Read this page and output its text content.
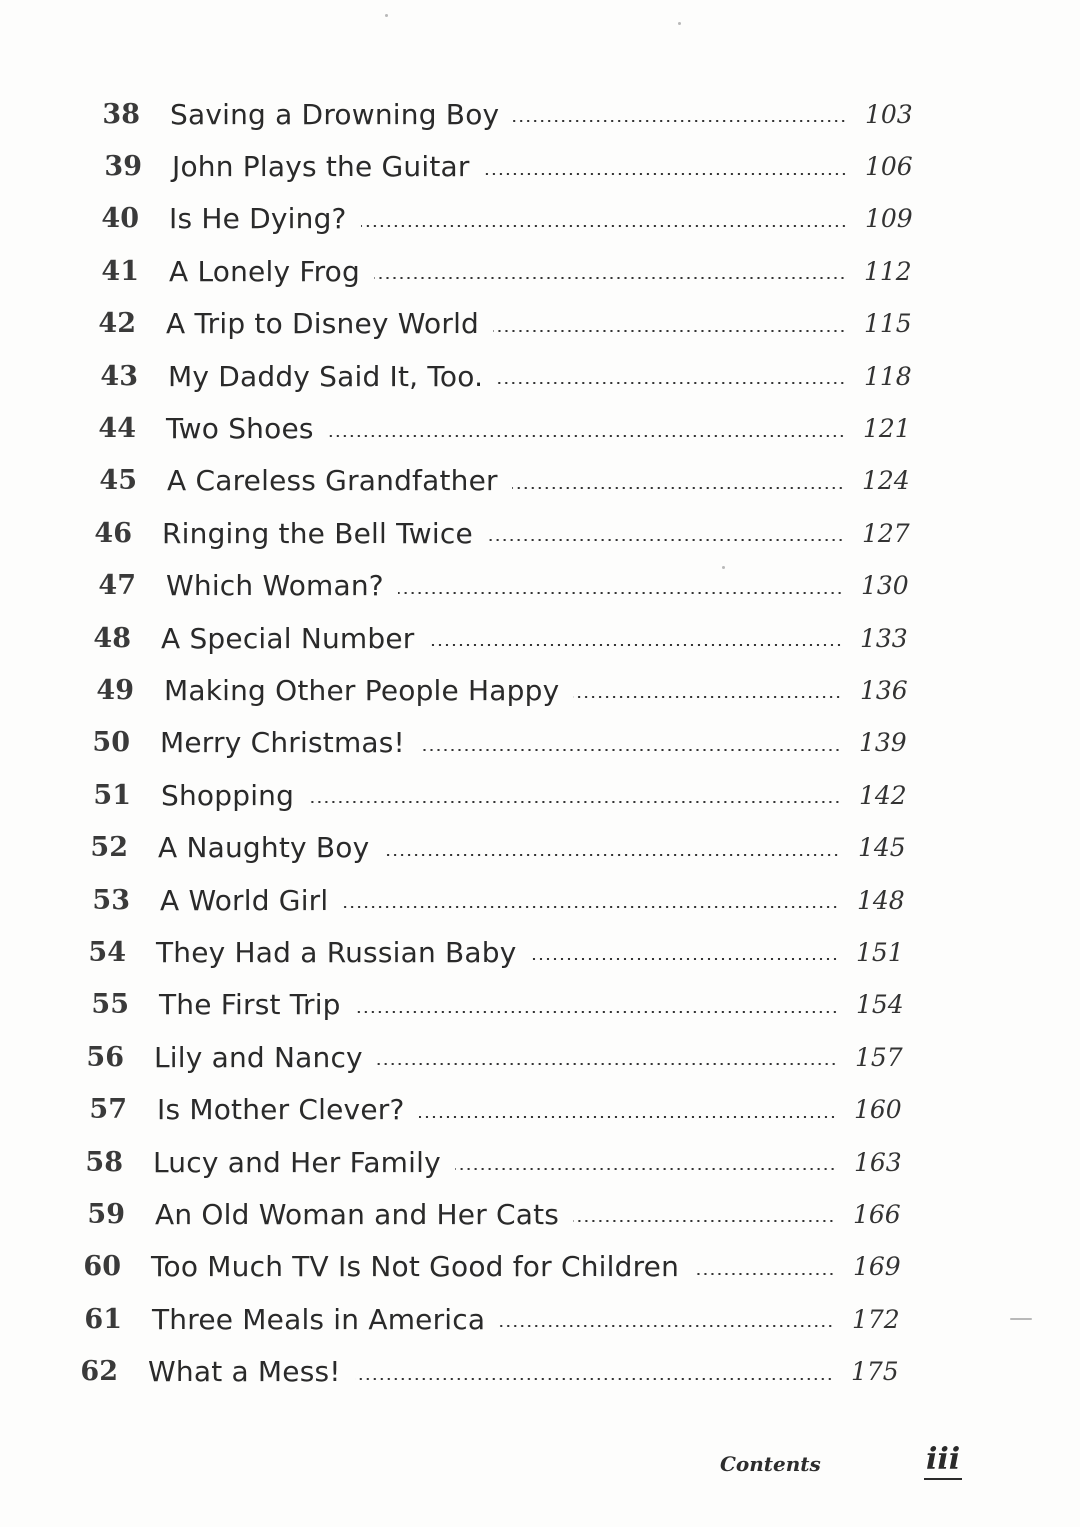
38 Saving a Drowning Boy	103
39 John Plays the Guitar	106
40 Is He Dying?	109
41 A Lonely Frog	112
42 A Trip to Disney World	115
43 My Daddy Said It, Too.	118
44 Two Shoes	121
45 A Careless Grandfather	124
46 Ringing the Bell Twice	127
47 Which Woman?	130
48 A Special Number	133
49 Making Other People Happy	136
50 Merry Christmas!	139
51 Shopping	142
52 A Naughty Boy	145
53 A World Girl	148
54 They Had a Russian Baby	151
55 The First Trip	154
56 Lily and Nancy	157
57 Is Mother Clever?	160
58 Lucy and Her Family	163
59 An Old Woman and Her Cats	166
60 Too Much TV Is Not Good for Children	169
61 Three Meals in America	172
62 What a Mess!	175
Contents	iii
